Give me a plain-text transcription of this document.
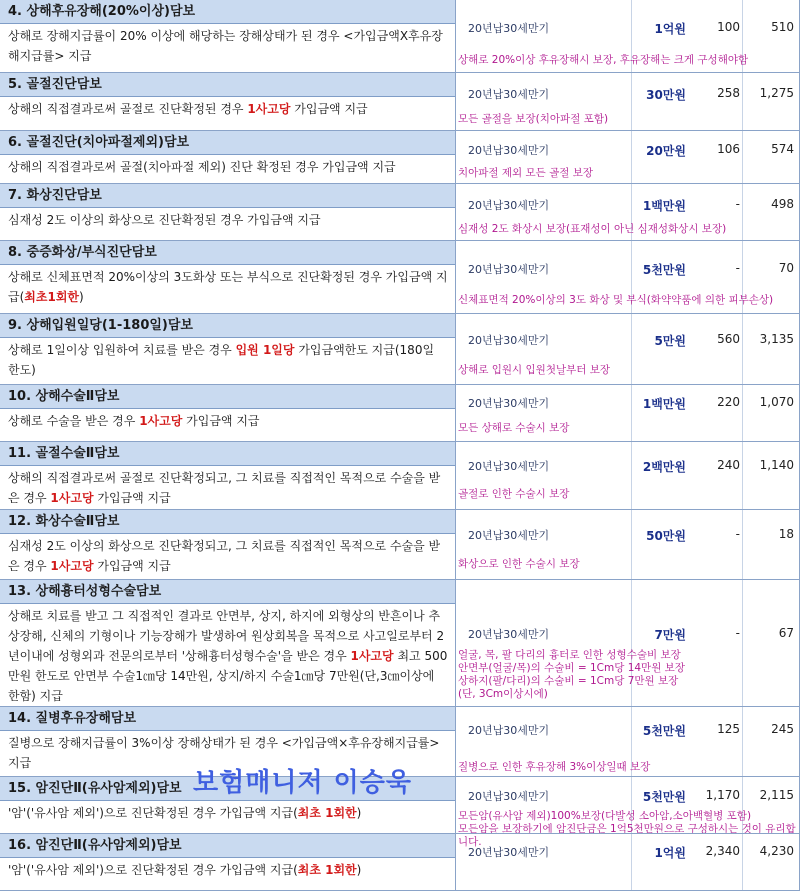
4. 상해후유장해(20%이상)담보
상해로 장해지급률이 20% 이상에 해당하는 장해상태가 된 경우 <가입금액X후유장해지급률> 지급
20년납30세만기	1억원	100	510
상해로 20%이상 후유장해시 보장, 후유장해는 크게 구성해야함
5. 골절진단담보
상해의 직접결과로써 골절로 진단확정된 경우 1사고당 가입금액 지급
20년납30세만기	30만원	258	1,275
모든 골절을 보장(치아파절 포함)
6. 골절진단(치아파절제외)담보
상해의 직접결과로써 골절(치아파절 제외) 진단 확정된 경우 가입금액 지급
20년납30세만기	20만원	106	574
치아파절 제외 모든 골절 보장
7. 화상진단담보
심재성 2도 이상의 화상으로 진단확정된 경우 가입금액 지급
20년납30세만기	1백만원	-	498
심재성 2도 화상시 보장(표재성이 아닌 심재성화상시 보장)
8. 중증화상/부식진단담보
상해로 신체표면적 20%이상의 3도화상 또는 부식으로 진단확정된 경우 가입금액 지급(최초1회한)
20년납30세만기	5천만원	-	70
신체표면적 20%이상의 3도 화상 및 부식(화약약품에 의한 피부손상)
9. 상해입원일당(1-180일)담보
상해로 1일이상 입원하여 치료를 받은 경우 입원 1일당 가입금액한도 지급(180일 한도)
20년납30세만기	5만원	560	3,135
상해로 입원시 입원첫날부터 보장
10. 상해수술Ⅱ담보
상해로 수술을 받은 경우 1사고당 가입금액 지급
20년납30세만기	1백만원	220	1,070
모든 상해로 수술시 보장
11. 골절수술Ⅱ담보
상해의 직접결과로써 골절로 진단확정되고, 그 치료를 직접적인 목적으로 수술을 받은 경우 1사고당 가입금액 지급
20년납30세만기	2백만원	240	1,140
골절로 인한 수술시 보장
12. 화상수술Ⅱ담보
심재성 2도 이상의 화상으로 진단확정되고, 그 치료를 직접적인 목적으로 수술을 받은 경우 1사고당 가입금액 지급
20년납30세만기	50만원	-	18
화상으로 인한 수술시 보장
13. 상해흉터성형수술담보
상해로 치료를 받고 그 직접적인 결과로 안면부, 상지, 하지에 외형상의 반흔이나 추상장해, 신체의 기형이나 기능장해가 발생하여 원상회복을 목적으로 사고일로부터 2년이내에 성형외과 전문의로부터 '상해흉터성형수술'을 받은 경우 1사고당 최고 500만원 한도로 안면부 수술1㎝당 14만원, 상지/하지 수술1㎝당 7만원(단,3㎝이상에 한함) 지급
20년납30세만기	7만원	-	67
얼굴, 목, 팔 다리의 흉터로 인한 성형수술비 보장
안면부(얼굴/목)의 수술비 = 1Cm당 14만원 보장
상하지(팔/다리)의 수술비 = 1Cm당 7만원 보장
(단, 3Cm이상시에)
14. 질병후유장해담보
질병으로 장해지급률이 3%이상 장해상태가 된 경우 <가입금액×후유장해지급률> 지급
20년납30세만기	5천만원	125	245
질병으로 인한 후유장해 3%이상일때 보장
15. 암진단Ⅱ(유사암제외)담보
'암'('유사암 제외')으로 진단확정된 경우 가입금액 지급(최초 1회한)
20년납30세만기	5천만원	1,170	2,115
모든암(유사암 제외)100%보장(다발성 소아암,소아백혈병 포함)
모든암을 보장하기에 암진단금은 1억5천만원으로 구성하시는 것이 유리합니다.
16. 암진단Ⅱ(유사암제외)담보
'암'('유사암 제외')으로 진단확정된 경우 가입금액 지급(최초 1회한)
20년납30세만기	1억원	2,340	4,230
보험매니저 이승욱
